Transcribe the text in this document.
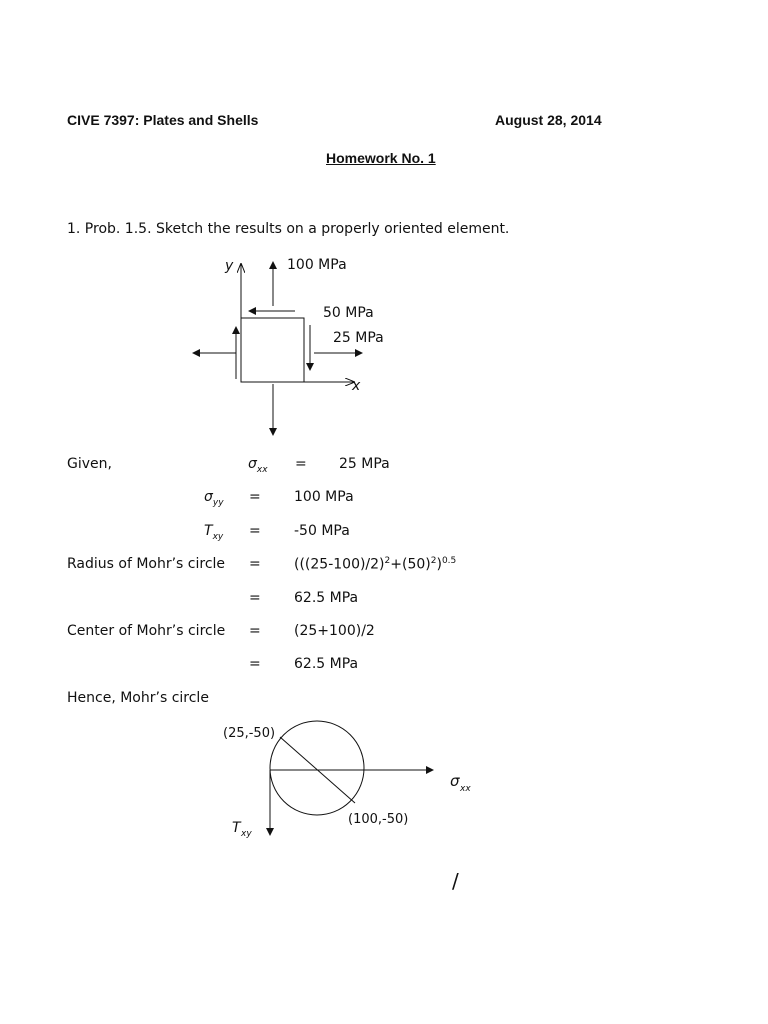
CIVE 7397: Plates and Shells	August 28, 2014
Homework No. 1
1. Prob. 1.5. Sketch the results on a properly oriented element.
y
x
100 MPa
50 MPa
25 MPa
Given,	$\sigma_{xx} = 25$ MPa
$\sigma_{yy} = 100$ MPa
$T_{xy} = -50$ MPa
Radius of Mohr’s circle = $(((25-100)/2)^2+(50)^2)^{0.5}$
= 62.5 MPa
Center of Mohr’s circle = (25+100)/2
= 62.5 MPa
Hence, Mohr’s circle
(25,-50)
(100,-50)
σ xx
T xy
/
